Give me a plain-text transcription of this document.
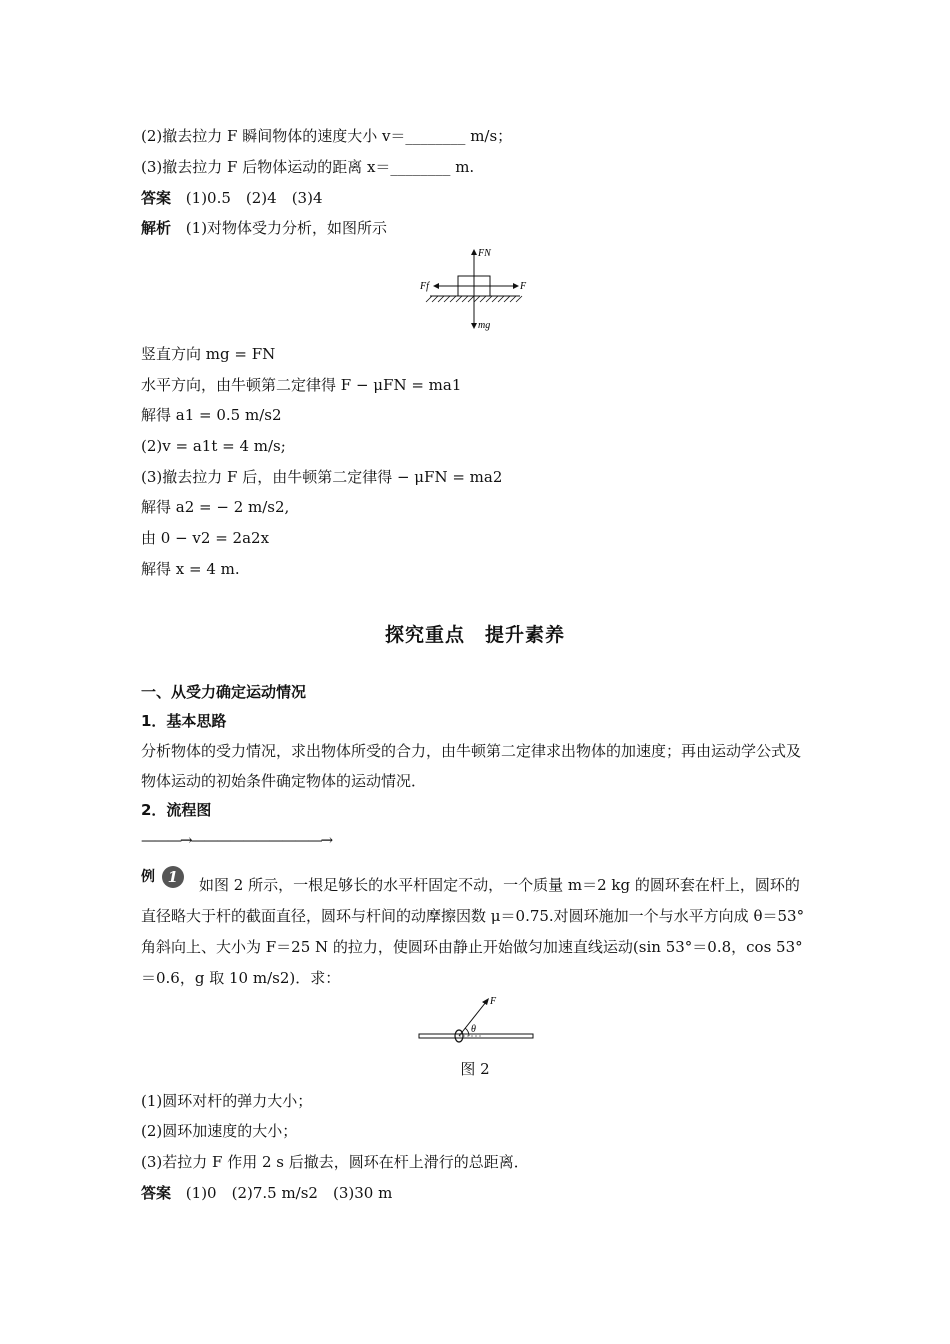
(2)撤去拉力 F 瞬间物体的速度大小 v＝________ m/s；
(3)撤去拉力 F 后物体运动的距离 x＝________ m.
答案 (1)0.5　(2)4　(3)4
解析 (1)对物体受力分析，如图所示
FN
Ff	F
mg
竖直方向 mg = FN
水平方向，由牛顿第二定律得 F − μFN = ma1
解得 a1 = 0.5 m/s2
(2)v = a1t = 4 m/s;
(3)撤去拉力 F 后，由牛顿第二定律得 − μFN = ma2
解得 a2 = − 2 m/s2,
由 0 − v2 = 2a2x
解得 x = 4 m.
探究重点　提升素养
一、从受力确定运动情况
1．基本思路
分析物体的受力情况，求出物体所受的合力，由牛顿第二定律求出物体的加速度；再由运动学公式及物体运动的初始条件确定物体的运动情况．
2．流程图
———→——————————→
例 1	如图 2 所示，一根足够长的水平杆固定不动，一个质量 m＝2 kg 的圆环套在杆上，圆环的直径略大于杆的截面直径，圆环与杆间的动摩擦因数 μ＝0.75.对圆环施加一个与水平方向成 θ＝53°角斜向上、大小为 F＝25 N 的拉力，使圆环由静止开始做匀加速直线运动(sin 53°＝0.8，cos 53°＝0.6，g 取 10 m/s2)．求：
F
θ
图 2
(1)圆环对杆的弹力大小；
(2)圆环加速度的大小；
(3)若拉力 F 作用 2 s 后撤去，圆环在杆上滑行的总距离．
答案 (1)0　(2)7.5 m/s2　(3)30 m
